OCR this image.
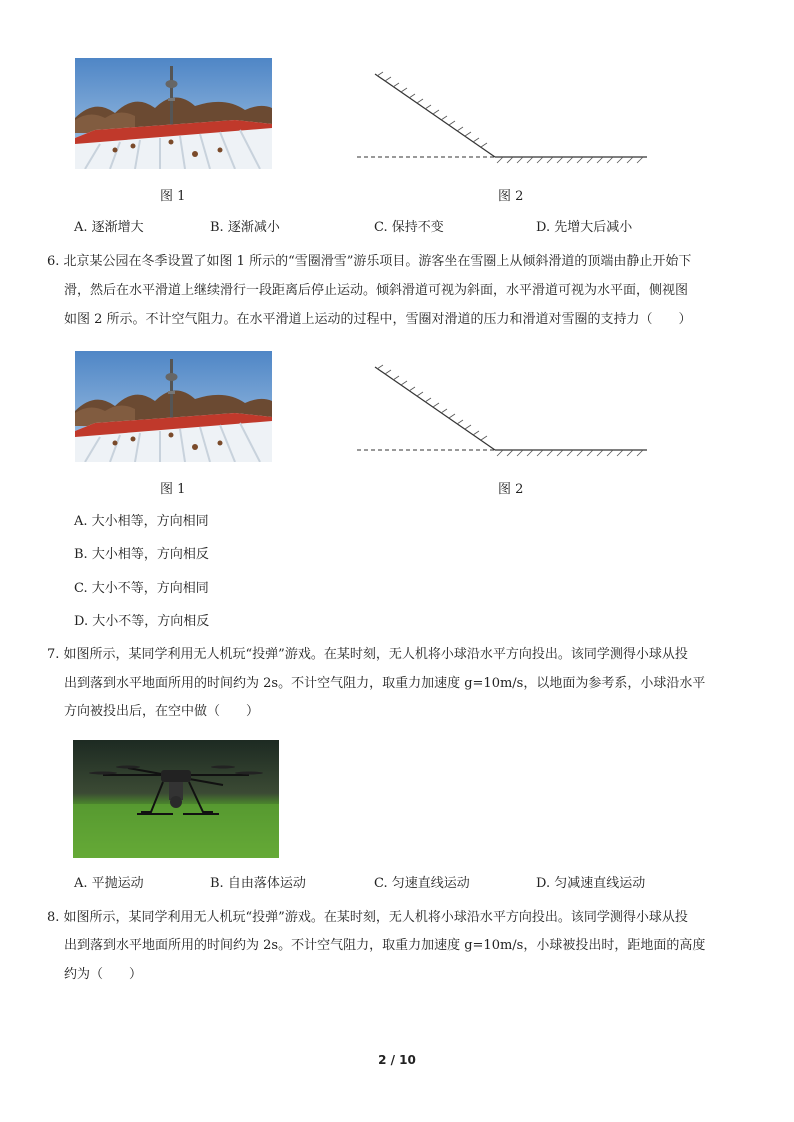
图 1	图 2
A. 逐渐增大	B. 逐渐减小	C. 保持不变	D. 先增大后减小
6. 北京某公园在冬季设置了如图 1 所示的“雪圈滑雪”游乐项目。游客坐在雪圈上从倾斜滑道的顶端由静止开始下
滑，然后在水平滑道上继续滑行一段距离后停止运动。倾斜滑道可视为斜面，水平滑道可视为水平面，侧视图
如图 2 所示。不计空气阻力。在水平滑道上运动的过程中，雪圈对滑道的压力和滑道对雪圈的支持力（　　）
图 1	图 2
A. 大小相等，方向相同
B. 大小相等，方向相反
C. 大小不等，方向相同
D. 大小不等，方向相反
7. 如图所示，某同学利用无人机玩“投弹”游戏。在某时刻，无人机将小球沿水平方向投出。该同学测得小球从投
出到落到水平地面所用的时间约为 2s。不计空气阻力，取重力加速度 g=10m/s，以地面为参考系，小球沿水平
方向被投出后，在空中做（　　）
A. 平抛运动	B. 自由落体运动	C. 匀速直线运动	D. 匀减速直线运动
8. 如图所示，某同学利用无人机玩“投弹”游戏。在某时刻，无人机将小球沿水平方向投出。该同学测得小球从投
出到落到水平地面所用的时间约为 2s。不计空气阻力，取重力加速度 g=10m/s，小球被投出时，距地面的高度
约为（　　）
2 / 10
